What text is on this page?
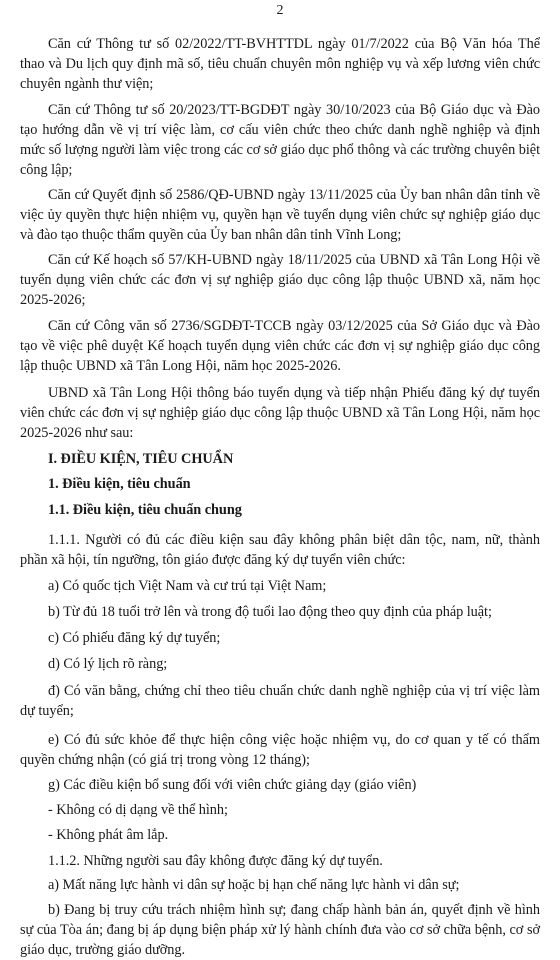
2

Căn cứ Thông tư số 02/2022/TT-BVHTTDL ngày 01/7/2022 của Bộ Văn hóa Thể thao và Du lịch quy định mã số, tiêu chuẩn chuyên môn nghiệp vụ và xếp lương viên chức chuyên ngành thư viện;

Căn cứ Thông tư số 20/2023/TT-BGDĐT ngày 30/10/2023 của Bộ Giáo dục và Đào tạo hướng dẫn về vị trí việc làm, cơ cấu viên chức theo chức danh nghề nghiệp và định mức số lượng người làm việc trong các cơ sở giáo dục phổ thông và các trường chuyên biệt công lập;

Căn cứ Quyết định số 2586/QĐ-UBND ngày 13/11/2025 của Ủy ban nhân dân tỉnh về việc ủy quyền thực hiện nhiệm vụ, quyền hạn về tuyển dụng viên chức sự nghiệp giáo dục và đào tạo thuộc thẩm quyền của Ủy ban nhân dân tỉnh Vĩnh Long;

Căn cứ Kế hoạch số 57/KH-UBND ngày 18/11/2025 của UBND xã Tân Long Hội về tuyển dụng viên chức các đơn vị sự nghiệp giáo dục công lập thuộc UBND xã, năm học 2025-2026;

Căn cứ Công văn số 2736/SGDĐT-TCCB ngày 03/12/2025 của Sở Giáo dục và Đào tạo về việc phê duyệt Kế hoạch tuyển dụng viên chức các đơn vị sự nghiệp giáo dục công lập thuộc UBND xã Tân Long Hội, năm học 2025-2026.

UBND xã Tân Long Hội thông báo tuyển dụng và tiếp nhận Phiếu đăng ký dự tuyển viên chức các đơn vị sự nghiệp giáo dục công lập thuộc UBND xã Tân Long Hội, năm học 2025-2026 như sau:

I. ĐIỀU KIỆN, TIÊU CHUẨN

1. Điều kiện, tiêu chuẩn

1.1. Điều kiện, tiêu chuẩn chung

1.1.1. Người có đủ các điều kiện sau đây không phân biệt dân tộc, nam, nữ, thành phần xã hội, tín ngưỡng, tôn giáo được đăng ký dự tuyển viên chức:

a) Có quốc tịch Việt Nam và cư trú tại Việt Nam;

b) Từ đủ 18 tuổi trở lên và trong độ tuổi lao động theo quy định của pháp luật;

c) Có phiếu đăng ký dự tuyển;

d) Có lý lịch rõ ràng;

đ) Có văn bằng, chứng chỉ theo tiêu chuẩn chức danh nghề nghiệp của vị trí việc làm dự tuyển;

e) Có đủ sức khỏe để thực hiện công việc hoặc nhiệm vụ, do cơ quan y tế có thẩm quyền chứng nhận (có giá trị trong vòng 12 tháng);

g) Các điều kiện bổ sung đối với viên chức giảng dạy (giáo viên)

- Không có dị dạng về thể hình;

- Không phát âm lắp.

1.1.2. Những người sau đây không được đăng ký dự tuyển.

a) Mất năng lực hành vi dân sự hoặc bị hạn chế năng lực hành vi dân sự;

b) Đang bị truy cứu trách nhiệm hình sự; đang chấp hành bản án, quyết định về hình sự của Tòa án; đang bị áp dụng biện pháp xử lý hành chính đưa vào cơ sở chữa bệnh, cơ sở giáo dục, trường giáo dưỡng.
